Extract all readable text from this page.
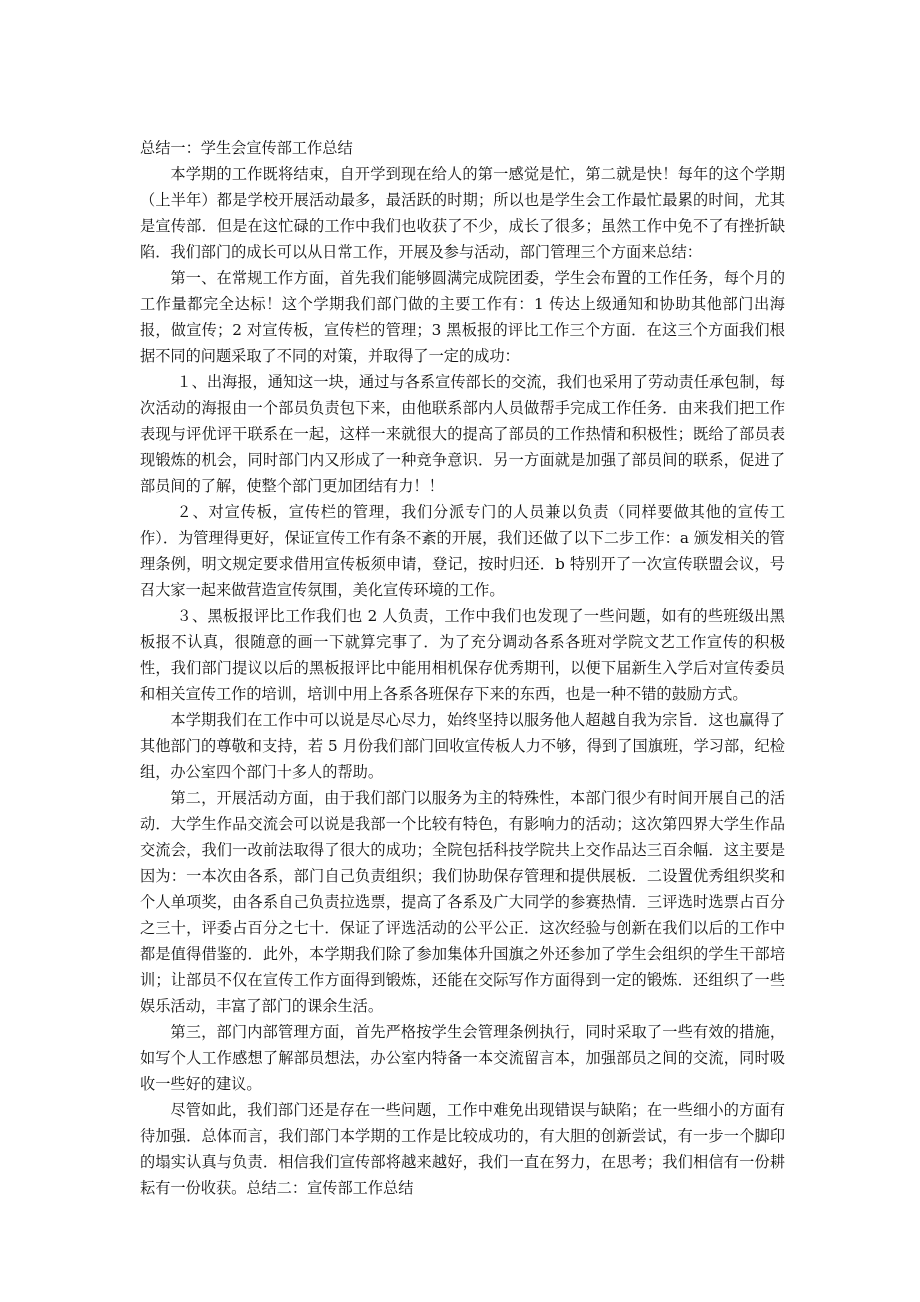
总结一：学生会宣传部工作总结

本学期的工作既将结束，自开学到现在给人的第一感觉是忙，第二就是快！每年的这个学期（上半年）都是学校开展活动最多，最活跃的时期；所以也是学生会工作最忙最累的时间，尤其是宣传部．但是在这忙碌的工作中我们也收获了不少，成长了很多；虽然工作中免不了有挫折缺陷．我们部门的成长可以从日常工作，开展及参与活动，部门管理三个方面来总结：

第一、在常规工作方面，首先我们能够圆满完成院团委，学生会布置的工作任务，每个月的工作量都完全达标！这个学期我们部门做的主要工作有：1 传达上级通知和协助其他部门出海报，做宣传；2 对宣传板，宣传栏的管理；3 黑板报的评比工作三个方面．在这三个方面我们根据不同的问题采取了不同的对策，并取得了一定的成功：

１、出海报，通知这一块，通过与各系宣传部长的交流，我们也采用了劳动责任承包制，每次活动的海报由一个部员负责包下来，由他联系部内人员做帮手完成工作任务．由来我们把工作表现与评优评干联系在一起，这样一来就很大的提高了部员的工作热情和积极性；既给了部员表现锻炼的机会，同时部门内又形成了一种竞争意识．另一方面就是加强了部员间的联系，促进了部员间的了解，使整个部门更加团结有力！！

２、对宣传板，宣传栏的管理，我们分派专门的人员兼以负责（同样要做其他的宣传工作）．为管理得更好，保证宣传工作有条不紊的开展，我们还做了以下二步工作：a 颁发相关的管理条例，明文规定要求借用宣传板须申请，登记，按时归还．b 特别开了一次宣传联盟会议，号召大家一起来做营造宣传氛围，美化宣传环境的工作。

３、黑板报评比工作我们也 2 人负责，工作中我们也发现了一些问题，如有的些班级出黑板报不认真，很随意的画一下就算完事了．为了充分调动各系各班对学院文艺工作宣传的积极性，我们部门提议以后的黑板报评比中能用相机保存优秀期刊，以便下届新生入学后对宣传委员和相关宣传工作的培训，培训中用上各系各班保存下来的东西，也是一种不错的鼓励方式。

本学期我们在工作中可以说是尽心尽力，始终坚持以服务他人超越自我为宗旨．这也赢得了其他部门的尊敬和支持，若 5 月份我们部门回收宣传板人力不够，得到了国旗班，学习部，纪检组，办公室四个部门十多人的帮助。

第二，开展活动方面，由于我们部门以服务为主的特殊性，本部门很少有时间开展自己的活动．大学生作品交流会可以说是我部一个比较有特色，有影响力的活动；这次第四界大学生作品交流会，我们一改前法取得了很大的成功；全院包括科技学院共上交作品达三百余幅．这主要是因为：一本次由各系，部门自己负责组织；我们协助保存管理和提供展板．二设置优秀组织奖和个人单项奖，由各系自己负责拉选票，提高了各系及广大同学的参赛热情．三评选时选票占百分之三十，评委占百分之七十．保证了评选活动的公平公正．这次经验与创新在我们以后的工作中都是值得借鉴的．此外，本学期我们除了参加集体升国旗之外还参加了学生会组织的学生干部培训；让部员不仅在宣传工作方面得到锻炼，还能在交际写作方面得到一定的锻炼．还组织了一些娱乐活动，丰富了部门的课余生活。

第三，部门内部管理方面，首先严格按学生会管理条例执行，同时采取了一些有效的措施，如写个人工作感想了解部员想法，办公室内特备一本交流留言本，加强部员之间的交流，同时吸收一些好的建议。

尽管如此，我们部门还是存在一些问题，工作中难免出现错误与缺陷；在一些细小的方面有待加强．总体而言，我们部门本学期的工作是比较成功的，有大胆的创新尝试，有一步一个脚印的塌实认真与负责．相信我们宣传部将越来越好，我们一直在努力，在思考；我们相信有一份耕耘有一份收获。总结二：宣传部工作总结
